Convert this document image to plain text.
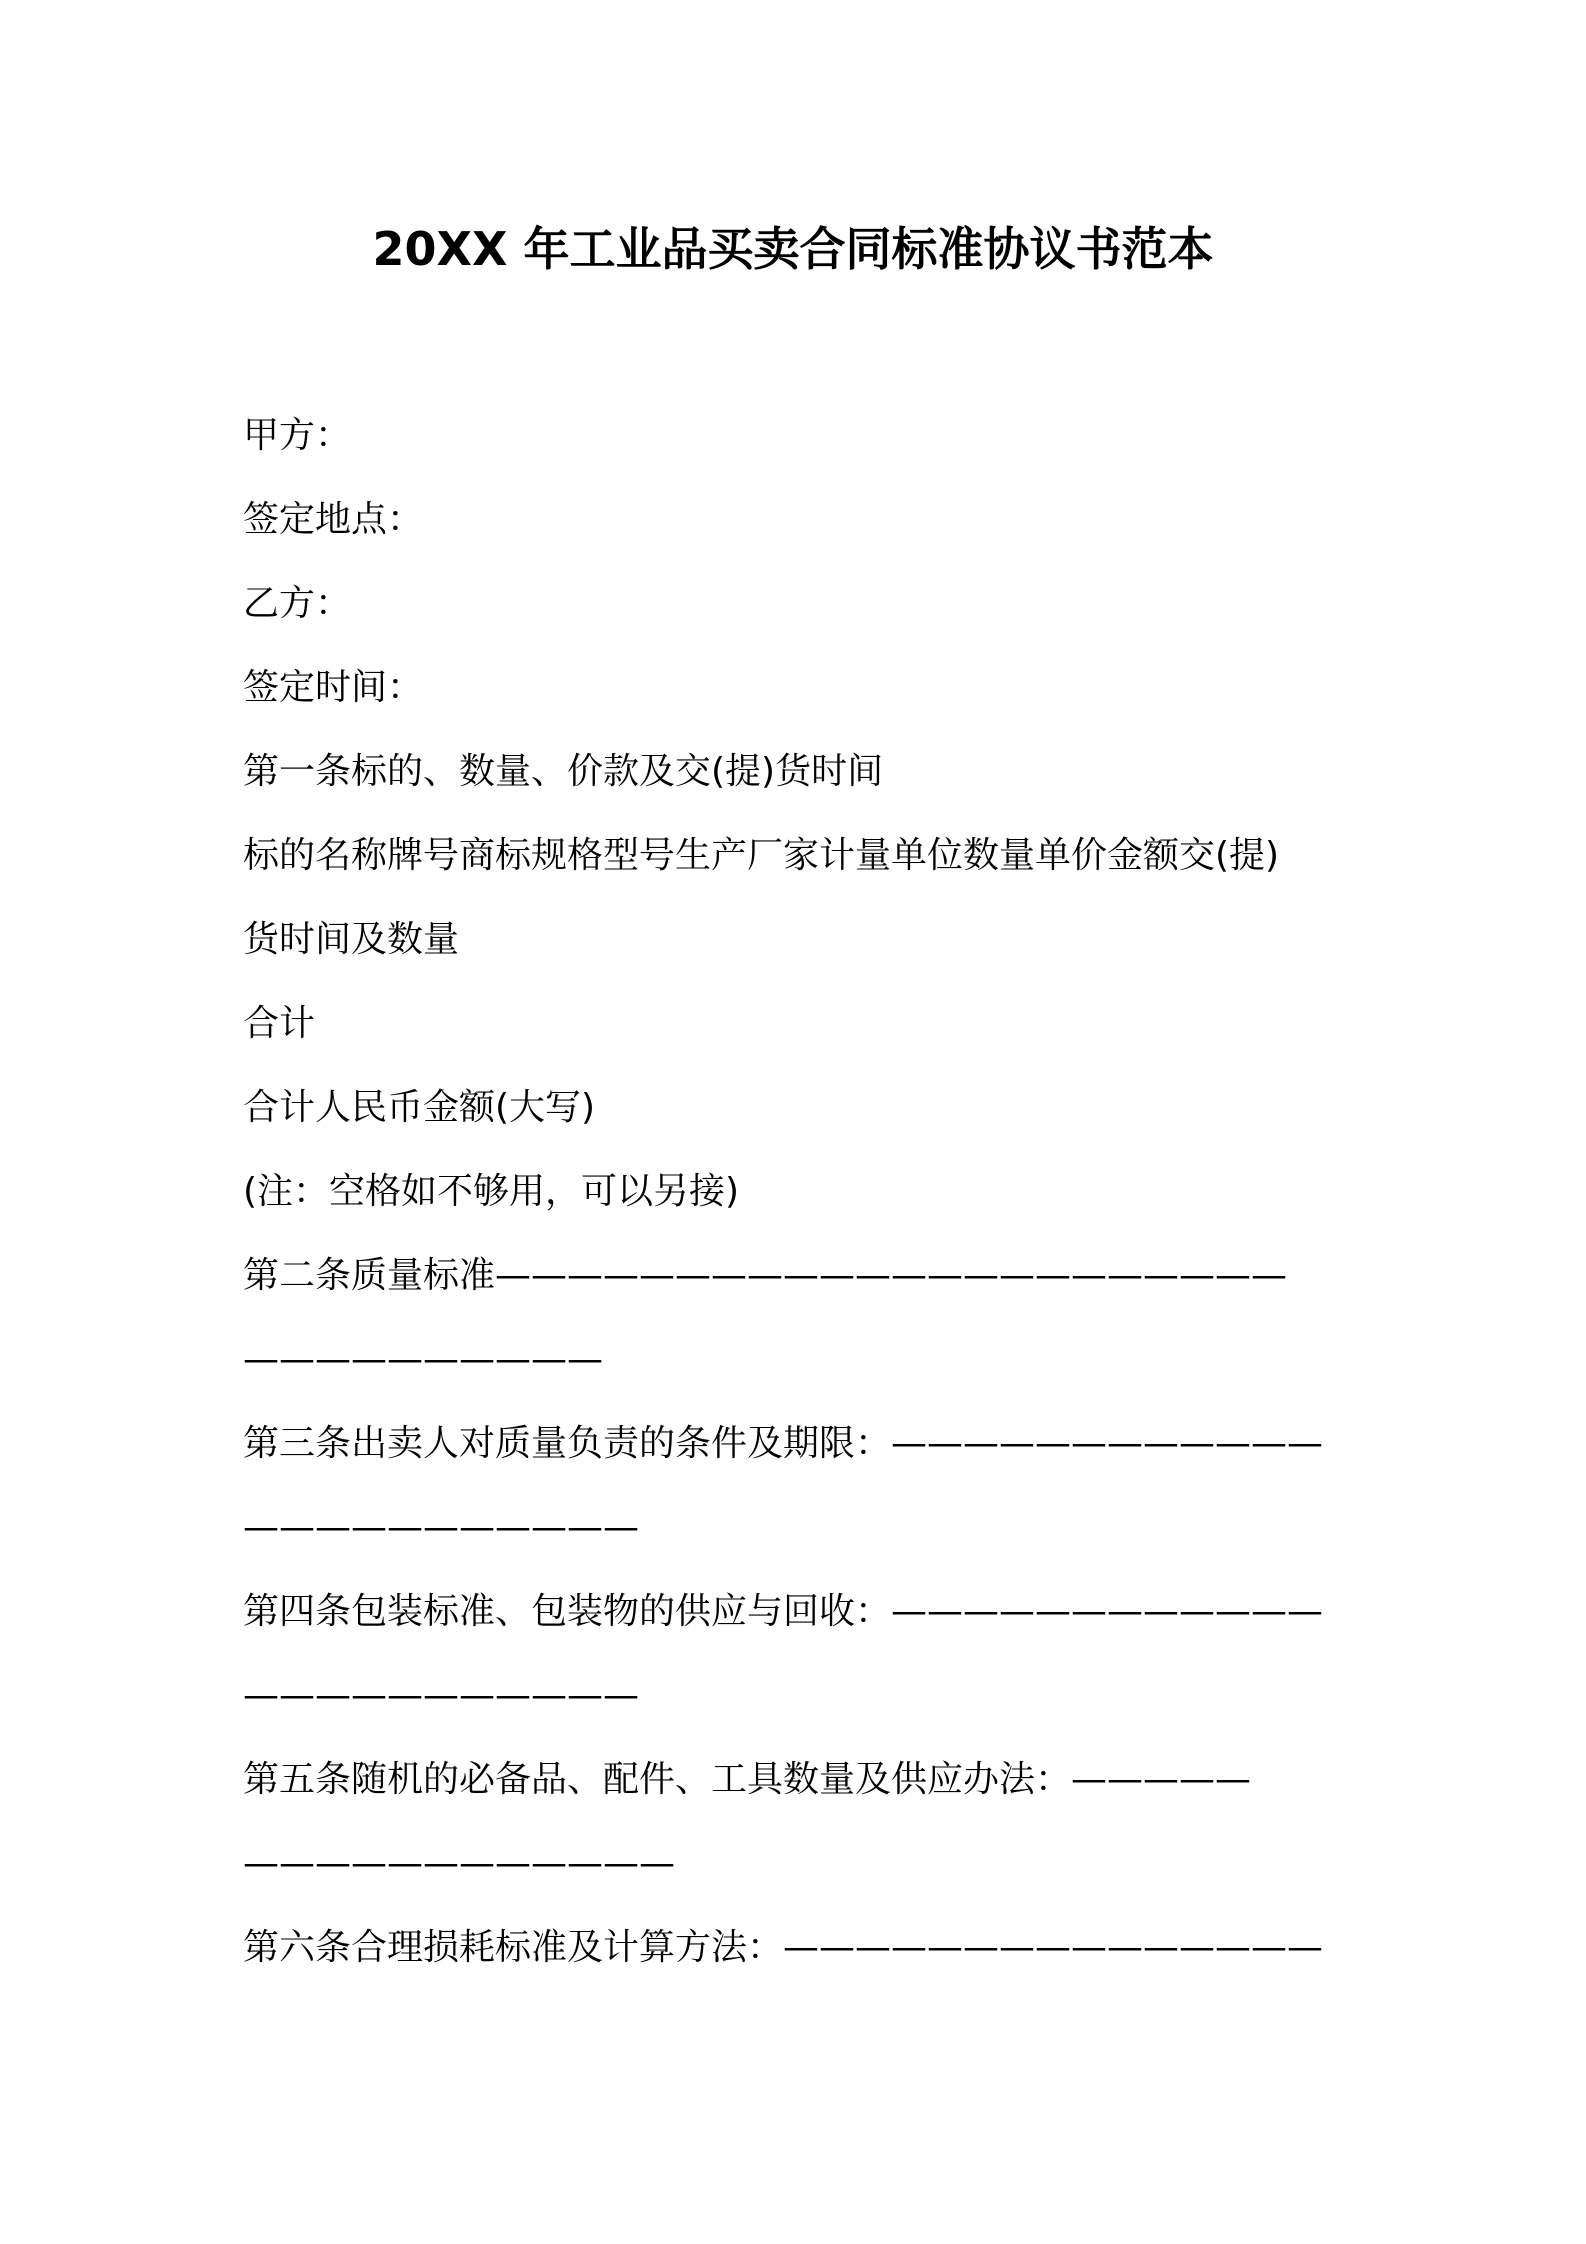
20XX 年工业品买卖合同标准协议书范本
甲方：
签定地点：
乙方：
签定时间：
第一条标的、数量、价款及交(提)货时间
标的名称牌号商标规格型号生产厂家计量单位数量单价金额交(提)
货时间及数量
合计
合计人民币金额(大写)
(注：空格如不够用，可以另接)
第二条质量标准——————————————————————
——————————
第三条出卖人对质量负责的条件及期限：————————————
———————————
第四条包装标准、包装物的供应与回收：————————————
———————————
第五条随机的必备品、配件、工具数量及供应办法：—————
————————————
第六条合理损耗标准及计算方法：———————————————
